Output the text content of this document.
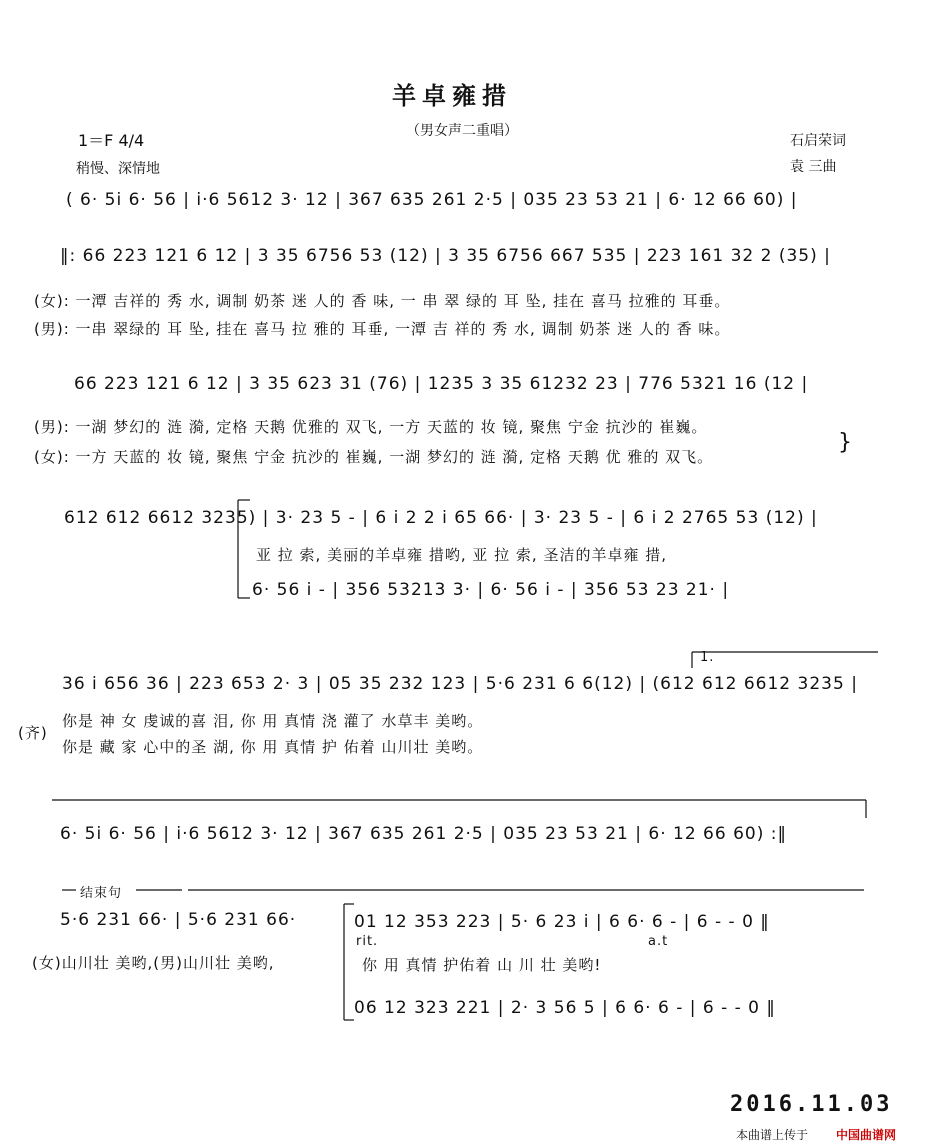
羊卓雍措
（男女声二重唱）
1＝F 4/4
稍慢、深情地
石启荣词
袁 三曲
( 6· 5i 6· 56 | i·6 5612 3· 12 | 367 635 261 2·5 | 035 23 53 21 | 6· 12 66 60) |
‖: 66 223 121 6 12 | 3 35 6756 53 (12) | 3 35 6756 667 535 | 223 161 32 2 (35) |
(女): 一潭 吉祥的 秀 水, 调制 奶茶 迷 人的 香 味, 一 串 翠 绿的 耳 坠, 挂在 喜马 拉雅的 耳垂。
(男): 一串 翠绿的 耳 坠, 挂在 喜马 拉 雅的 耳垂, 一潭 吉 祥的 秀 水, 调制 奶茶 迷 人的 香 味。
66 223 121 6 12 | 3 35 623 31 (76) | 1235 3 35 61232 23 | 776 5321 16 (12 |
(男): 一湖 梦幻的 涟 漪, 定格 天鹅 优雅的 双飞, 一方 天蓝的 妆 镜, 聚焦 宁金 抗沙的 崔巍。
(女): 一方 天蓝的 妆 镜, 聚焦 宁金 抗沙的 崔巍, 一湖 梦幻的 涟 漪, 定格 天鹅 优 雅的 双飞。
}
612 612 6612 3235) | 3· 23 5 - | 6 i 2 2 i 65 66· | 3· 23 5 - | 6 i 2 2765 53 (12) |
亚 拉 索, 美丽的羊卓雍 措哟, 亚 拉 索, 圣洁的羊卓雍 措,
6· 56 i - | 356 53213 3· | 6· 56 i - | 356 53 23 21· |
1.
36 i 656 36 | 223 653 2· 3 | 05 35 232 123 | 5·6 231 6 6(12) | (612 612 6612 3235 |
(齐)
你是 神 女 虔诚的喜 泪, 你 用 真情 浇 灌了 水草丰 美哟。
你是 藏 家 心中的圣 湖, 你 用 真情 护 佑着 山川壮 美哟。
6· 5i 6· 56 | i·6 5612 3· 12 | 367 635 261 2·5 | 035 23 53 21 | 6· 12 66 60) :‖
结束句
5·6 231 66· | 5·6 231 66·
(女)山川壮 美哟,(男)山川壮 美哟,
01 12 353 223 | 5· 6 23 i | 6 6· 6 - | 6 - - 0 ‖
rit.	a.t
你 用 真情 护佑着 山 川 壮 美哟!
06 12 323 221 | 2· 3 56 5 | 6 6· 6 - | 6 - - 0 ‖
2016.11.03
本曲谱上传于 中国曲谱网
